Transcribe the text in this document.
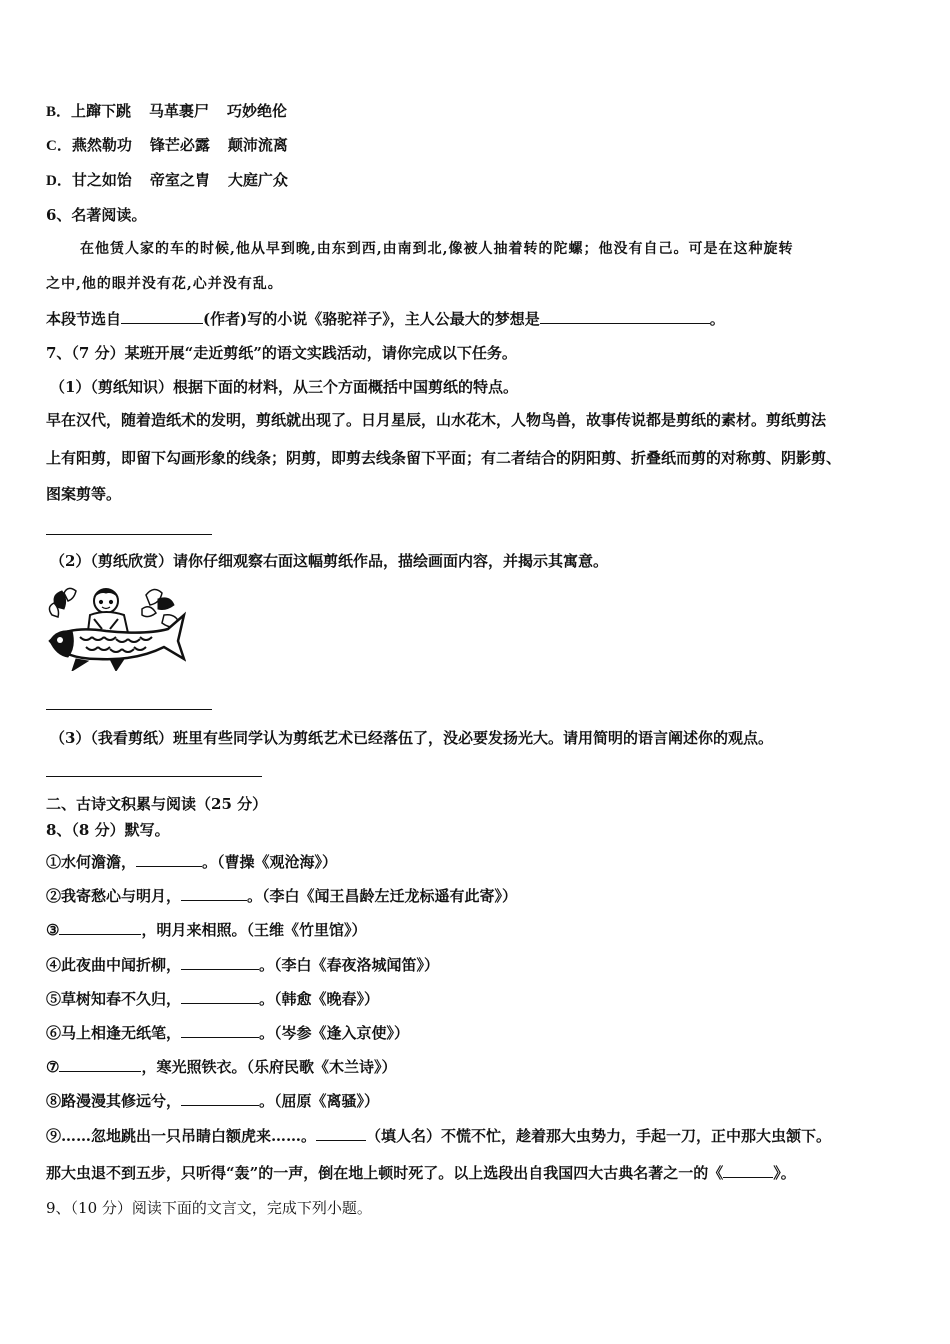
B．上蹿下跳 马革裹尸 巧妙绝伦
C．燕然勒功 锋芒必露 颠沛流离
D．甘之如饴 帝室之胄 大庭广众
6、名著阅读。
在他赁人家的车的时候,他从早到晚,由东到西,由南到北,像被人抽着转的陀螺；他没有自己。可是在这种旋转
之中,他的眼并没有花,心并没有乱。
本段节选自	(作者)写的小说《骆驼祥子》，主人公最大的梦想是	。
7、（7 分）某班开展“走近剪纸”的语文实践活动，请你完成以下任务。
（1）（剪纸知识）根据下面的材料，从三个方面概括中国剪纸的特点。
早在汉代，随着造纸术的发明，剪纸就出现了。日月星辰，山水花木，人物鸟兽，故事传说都是剪纸的素材。剪纸剪法
上有阳剪，即留下勾画形象的线条；阴剪，即剪去线条留下平面；有二者结合的阴阳剪、折叠纸而剪的对称剪、阴影剪、
图案剪等。
（2）（剪纸欣赏）请你仔细观察右面这幅剪纸作品，描绘画面内容，并揭示其寓意。
（3）（我看剪纸）班里有些同学认为剪纸艺术已经落伍了，没必要发扬光大。请用简明的语言阐述你的观点。
二、古诗文积累与阅读（25 分）
8、（8 分）默写。
①水何澹澹，	。（曹操《观沧海》）
②我寄愁心与明月，	。（李白《闻王昌龄左迁龙标遥有此寄》）
③	，明月来相照。（王维《竹里馆》）
④此夜曲中闻折柳，	。（李白《春夜洛城闻笛》）
⑤草树知春不久归，	。（韩愈《晚春》）
⑥马上相逢无纸笔，	。（岑参《逢入京使》）
⑦	，寒光照铁衣。（乐府民歌《木兰诗》）
⑧路漫漫其修远兮，	。（屈原《离骚》）
⑨……忽地跳出一只吊睛白额虎来……。	（填人名）不慌不忙，趁着那大虫势力，手起一刀，正中那大虫颔下。
那大虫退不到五步，只听得“轰”的一声，倒在地上顿时死了。以上选段出自我国四大古典名著之一的《	》。
9、（10 分）阅读下面的文言文，完成下列小题。
